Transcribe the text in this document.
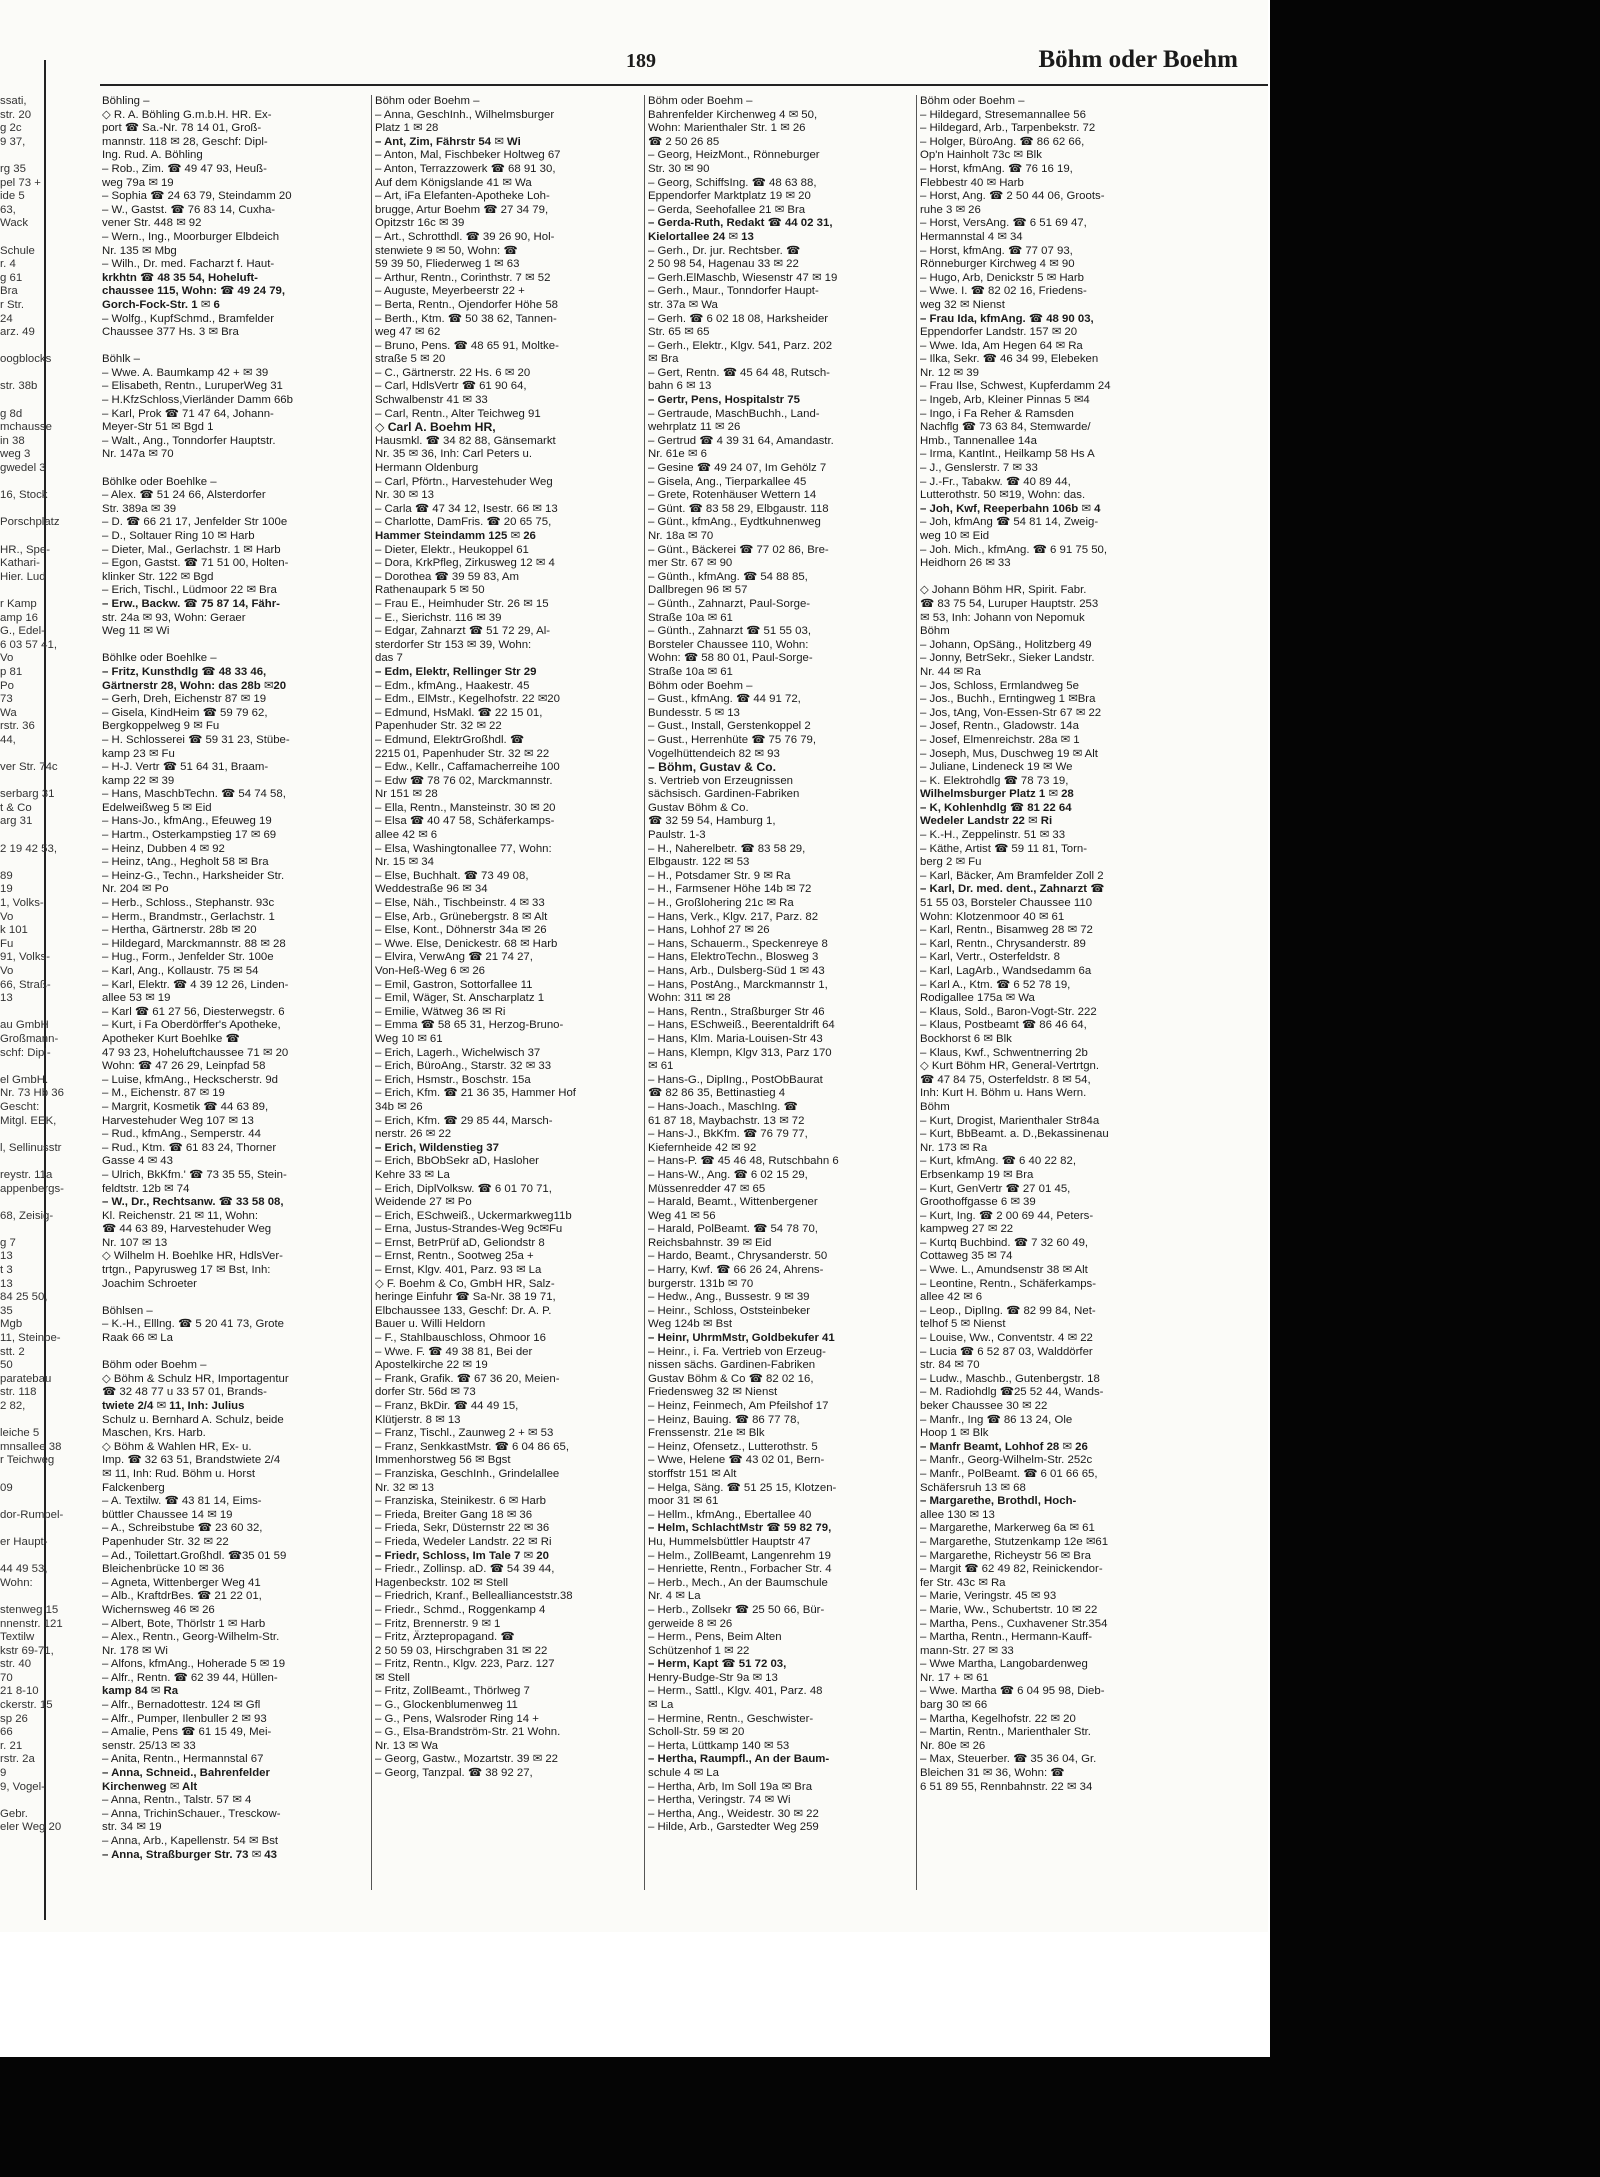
ssati,
str. 20
g 2c
9 37,
rg 35
pel 73 +
ide 5
63,
Wack
Schule
r. 4
g 61
Bra
r Str.
24
arz. 49
oogblocks
str. 38b
g 8d
mchausse
in 38
weg 3
gwedel 3
16, Stock
Porschplatz
HR., Spe-
Kathari-
Hier. Lud
r Kamp
amp 16
G., Edel-
6 03 57 41,
Vo
p 81
Po
73
Wa
rstr. 36
44,
ver Str. 74c
serbarg 31
t & Co
arg 31
2 19 42 53,
89
19
1, Volks-
Vo
k 101
Fu
91, Volks-
Vo
66, Straß-
13
au GmbH
Großmann-
schf: Dipl-
el GmbH.
Nr. 73 Hb 36
Gescht:
Mitgl. EEK,
l, Sellinusstr
reystr. 11a
appenbergs-
68, Zeisig-
g 7
13
t 3
13
84 25 50,
35
Mgb
11, Steinbe-
stt. 2
50
paratebau
str. 118
2 82,
leiche 5
mnsallee 38
r Teichweg
09
dor-Rumpel-
er Haupt-
44 49 53,
Wohn:
stenweg 15
nnenstr. 121
Textilw
kstr 69-71,
str. 40
70
21 8-10
ckerstr. 15
sp 26
66
r. 21
rstr. 2a
9
9, Vogel-
Gebr.
eler Weg 20
189	Böhm oder Boehm
Böhling –
◇ R. A. Böhling G.m.b.H. HR. Ex-
port ☎ Sa.-Nr. 78 14 01, Groß-
mannstr. 118 ✉ 28, Geschf: Dipl-
Ing. Rud. A. Böhling
– Rob., Zim. ☎ 49 47 93, Heuß-
weg 79a ✉ 19
– Sophia ☎ 24 63 79, Steindamm 20
– W., Gastst. ☎ 76 83 14, Cuxha-
vener Str. 448 ✉ 92
– Wern., Ing., Moorburger Elbdeich
Nr. 135 ✉ Mbg
– Wilh., Dr. med. Facharzt f. Haut-
krkhtn ☎ 48 35 54, Hoheluft-
chaussee 115, Wohn: ☎ 49 24 79,
Gorch-Fock-Str. 1 ✉ 6
– Wolfg., KupfSchmd., Bramfelder
Chaussee 377 Hs. 3 ✉ Bra
Böhlk –
– Wwe. A. Baumkamp 42 + ✉ 39
– Elisabeth, Rentn., LuruperWeg 31
– H.KfzSchloss,Vierländer Damm 66b
– Karl, Prok ☎ 71 47 64, Johann-
Meyer-Str 51 ✉ Bgd 1
– Walt., Ang., Tonndorfer Hauptstr.
Nr. 147a ✉ 70
Böhlke oder Boehlke –
– Alex. ☎ 51 24 66, Alsterdorfer
Str. 389a ✉ 39
– D. ☎ 66 21 17, Jenfelder Str 100e
– D., Soltauer Ring 10 ✉ Harb
– Dieter, Mal., Gerlachstr. 1 ✉ Harb
– Egon, Gastst. ☎ 71 51 00, Holten-
klinker Str. 122 ✉ Bgd
– Erich, Tischl., Lüdmoor 22 ✉ Bra
– Erw., Backw. ☎ 75 87 14, Fähr-
str. 24a ✉ 93, Wohn: Geraer
Weg 11 ✉ Wi
Böhlke oder Boehlke –
– Fritz, Kunsthdlg ☎ 48 33 46,
Gärtnerstr 28, Wohn: das 28b ✉20
– Gerh, Dreh, Eichenstr 87 ✉ 19
– Gisela, KindHeim ☎ 59 79 62,
Bergkoppelweg 9 ✉ Fu
– H. Schlosserei ☎ 59 31 23, Stübe-
kamp 23 ✉ Fu
– H-J. Vertr ☎ 51 64 31, Braam-
kamp 22 ✉ 39
– Hans, MaschbTechn. ☎ 54 74 58,
Edelweißweg 5 ✉ Eid
– Hans-Jo., kfmAng., Efeuweg 19
– Hartm., Osterkampstieg 17 ✉ 69
– Heinz, Dubben 4 ✉ 92
– Heinz, tAng., Hegholt 58 ✉ Bra
– Heinz-G., Techn., Harksheider Str.
Nr. 204 ✉ Po
– Herb., Schloss., Stephanstr. 93c
– Herm., Brandmstr., Gerlachstr. 1
– Hertha, Gärtnerstr. 28b ✉ 20
– Hildegard, Marckmannstr. 88 ✉ 28
– Hug., Form., Jenfelder Str. 100e
– Karl, Ang., Kollaustr. 75 ✉ 54
– Karl, Elektr. ☎ 4 39 12 26, Linden-
allee 53 ✉ 19
– Karl ☎ 61 27 56, Diesterwegstr. 6
– Kurt, i Fa Oberdörffer's Apotheke,
Apotheker Kurt Boehlke ☎
47 93 23, Hoheluftchaussee 71 ✉ 20
Wohn: ☎ 47 26 29, Leinpfad 58
– Luise, kfmAng., Heckscherstr. 9d
– M., Eichenstr. 87 ✉ 19
– Margrit, Kosmetik ☎ 44 63 89,
Harvestehuder Weg 107 ✉ 13
– Rud., kfmAng., Semperstr. 44
– Rud., Ktm. ☎ 61 83 24, Thorner
Gasse 4 ✉ 43
– Ulrich, BkKfm.' ☎ 73 35 55, Stein-
feldtstr. 12b ✉ 74
– W., Dr., Rechtsanw. ☎ 33 58 08,
Kl. Reichenstr. 21 ✉ 11, Wohn:
☎ 44 63 89, Harvestehuder Weg
Nr. 107 ✉ 13
◇ Wilhelm H. Boehlke HR, HdlsVer-
trtgn., Papyrusweg 17 ✉ Bst, Inh:
Joachim Schroeter
Böhlsen –
– K.-H., Elllng. ☎ 5 20 41 73, Grote
Raak 66 ✉ La
Böhm oder Boehm –
◇ Böhm & Schulz HR, Importagentur
☎ 32 48 77 u 33 57 01, Brands-
twiete 2/4 ✉ 11, Inh: Julius
Schulz u. Bernhard A. Schulz, beide
Maschen, Krs. Harb.
◇ Böhm & Wahlen HR, Ex- u.
Imp. ☎ 32 63 51, Brandstwiete 2/4
✉ 11, Inh: Rud. Böhm u. Horst
Falckenberg
– A. Textilw. ☎ 43 81 14, Eims-
büttler Chaussee 14 ✉ 19
– A., Schreibstube ☎ 23 60 32,
Papenhuder Str. 32 ✉ 22
– Ad., Toilettart.Großhdl. ☎35 01 59
Bleichenbrücke 10 ✉ 36
– Agneta, Wittenberger Weg 41
– Alb., KraftdrBes. ☎ 21 22 01,
Wichernsweg 46 ✉ 26
– Albert, Bote, Thörlstr 1 ✉ Harb
– Alex., Rentn., Georg-Wilhelm-Str.
Nr. 178 ✉ Wi
– Alfons, kfmAng., Hoherade 5 ✉ 19
– Alfr., Rentn. ☎ 62 39 44, Hüllen-
kamp 84 ✉ Ra
– Alfr., Bernadottestr. 124 ✉ Gfl
– Alfr., Pumper, Ilenbuller 2 ✉ 93
– Amalie, Pens ☎ 61 15 49, Mei-
senstr. 25/13 ✉ 33
– Anita, Rentn., Hermannstal 67
– Anna, Schneid., Bahrenfelder
Kirchenweg ✉ Alt
– Anna, Rentn., Talstr. 57 ✉ 4
– Anna, TrichinSchauer., Tresckow-
str. 34 ✉ 19
– Anna, Arb., Kapellenstr. 54 ✉ Bst
– Anna, Straßburger Str. 73 ✉ 43
Böhm oder Boehm –
– Anna, GeschInh., Wilhelmsburger
Platz 1 ✉ 28
– Ant, Zim, Fährstr 54 ✉ Wi
– Anton, Mal, Fischbeker Holtweg 67
– Anton, Terrazzowerk ☎ 68 91 30,
Auf dem Königslande 41 ✉ Wa
– Art, iFa Elefanten-Apotheke Loh-
brugge, Artur Boehm ☎ 27 34 79,
Opitzstr 16c ✉ 39
– Art., Schrotthdl. ☎ 39 26 90, Hol-
stenwiete 9 ✉ 50, Wohn: ☎
59 39 50, Fliederweg 1 ✉ 63
– Arthur, Rentn., Corinthstr. 7 ✉ 52
– Auguste, Meyerbeerstr 22 +
– Berta, Rentn., Ojendorfer Höhe 58
– Berth., Ktm. ☎ 50 38 62, Tannen-
weg 47 ✉ 62
– Bruno, Pens. ☎ 48 65 91, Moltke-
straße 5 ✉ 20
– C., Gärtnerstr. 22 Hs. 6 ✉ 20
– Carl, HdlsVertr ☎ 61 90 64,
Schwalbenstr 41 ✉ 33
– Carl, Rentn., Alter Teichweg 91
◇ Carl A. Boehm HR,
Hausmkl. ☎ 34 82 88, Gänsemarkt
Nr. 35 ✉ 36, Inh: Carl Peters u.
Hermann Oldenburg
– Carl, Pförtn., Harvestehuder Weg
Nr. 30 ✉ 13
– Carla ☎ 47 34 12, Isestr. 66 ✉ 13
– Charlotte, DamFris. ☎ 20 65 75,
Hammer Steindamm 125 ✉ 26
– Dieter, Elektr., Heukoppel 61
– Dora, KrkPfleg, Zirkusweg 12 ✉ 4
– Dorothea ☎ 39 59 83, Am
Rathenaupark 5 ✉ 50
– Frau E., Heimhuder Str. 26 ✉ 15
– E., Sierichstr. 116 ✉ 39
– Edgar, Zahnarzt ☎ 51 72 29, Al-
sterdorfer Str 153 ✉ 39, Wohn:
das 7
– Edm, Elektr, Rellinger Str 29
– Edm., kfmAng., Haakestr. 45
– Edm., ElMstr., Kegelhofstr. 22 ✉20
– Edmund, HsMakl. ☎ 22 15 01,
Papenhuder Str. 32 ✉ 22
– Edmund, ElektrGroßhdl. ☎
2215 01, Papenhuder Str. 32 ✉ 22
– Edw., Kellr., Caffamacherreihe 100
– Edw ☎ 78 76 02, Marckmannstr.
Nr 151 ✉ 28
– Ella, Rentn., Mansteinstr. 30 ✉ 20
– Elsa ☎ 40 47 58, Schäferkamps-
allee 42 ✉ 6
– Elsa, Washingtonallee 77, Wohn:
Nr. 15 ✉ 34
– Else, Buchhalt. ☎ 73 49 08,
Weddestraße 96 ✉ 34
– Else, Näh., Tischbeinstr. 4 ✉ 33
– Else, Arb., Grünebergstr. 8 ✉ Alt
– Else, Kont., Döhnerstr 34a ✉ 26
– Wwe. Else, Denickestr. 68 ✉ Harb
– Elvira, VerwAng ☎ 21 74 27,
Von-Heß-Weg 6 ✉ 26
– Emil, Gastron, Sottorfallee 11
– Emil, Wäger, St. Anscharplatz 1
– Emilie, Wätweg 36 ✉ Ri
– Emma ☎ 58 65 31, Herzog-Bruno-
Weg 10 ✉ 61
– Erich, Lagerh., Wichelwisch 37
– Erich, BüroAng., Starstr. 32 ✉ 33
– Erich, Hsmstr., Boschstr. 15a
– Erich, Kfm. ☎ 21 36 35, Hammer Hof
34b ✉ 26
– Erich, Kfm. ☎ 29 85 44, Marsch-
nerstr. 26 ✉ 22
– Erich, Wildenstieg 37
– Erich, BbObSekr aD, Hasloher
Kehre 33 ✉ La
– Erich, DiplVolksw. ☎ 6 01 70 71,
Weidende 27 ✉ Po
– Erich, ESchweiß., Uckermarkweg11b
– Erna, Justus-Strandes-Weg 9c✉Fu
– Ernst, BetrPrüf aD, Geliondstr 8
– Ernst, Rentn., Sootweg 25a +
– Ernst, Klgv. 401, Parz. 93 ✉ La
◇ F. Boehm & Co, GmbH HR, Salz-
heringe Einfuhr ☎ Sa-Nr. 38 19 71,
Elbchaussee 133, Geschf: Dr. A. P.
Bauer u. Willi Heldorn
– F., Stahlbauschloss, Ohmoor 16
– Wwe. F. ☎ 49 38 81, Bei der
Apostelkirche 22 ✉ 19
– Frank, Grafik. ☎ 67 36 20, Meien-
dorfer Str. 56d ✉ 73
– Franz, BkDir. ☎ 44 49 15,
Klütjerstr. 8 ✉ 13
– Franz, Tischl., Zaunweg 2 + ✉ 53
– Franz, SenkkastMstr. ☎ 6 04 86 65,
Immenhorstweg 56 ✉ Bgst
– Franziska, GeschInh., Grindelallee
Nr. 32 ✉ 13
– Franziska, Steinikestr. 6 ✉ Harb
– Frieda, Breiter Gang 18 ✉ 36
– Frieda, Sekr, Düsternstr 22 ✉ 36
– Frieda, Wedeler Landstr. 22 ✉ Ri
– Friedr, Schloss, Im Tale 7 ✉ 20
– Friedr., Zollinsp. aD. ☎ 54 39 44,
Hagenbeckstr. 102 ✉ Stell
– Friedrich, Kranf., Belleallianceststr.38
– Friedr., Schmd., Roggenkamp 4
– Fritz, Brennerstr. 9 ✉ 1
– Fritz, Ärztepropagand. ☎
2 50 59 03, Hirschgraben 31 ✉ 22
– Fritz, Rentn., Klgv. 223, Parz. 127
✉ Stell
– Fritz, ZollBeamt., Thörlweg 7
– G., Glockenblumenweg 11
– G., Pens, Walsroder Ring 14 +
– G., Elsa-Brandström-Str. 21 Wohn.
Nr. 13 ✉ Wa
– Georg, Gastw., Mozartstr. 39 ✉ 22
– Georg, Tanzpal. ☎ 38 92 27,
Böhm oder Boehm –
Bahrenfelder Kirchenweg 4 ✉ 50,
Wohn: Marienthaler Str. 1 ✉ 26
☎ 2 50 26 85
– Georg, HeizMont., Rönneburger
Str. 30 ✉ 90
– Georg, SchiffsIng. ☎ 48 63 88,
Eppendorfer Marktplatz 19 ✉ 20
– Gerda, Seehofallee 21 ✉ Bra
– Gerda-Ruth, Redakt ☎ 44 02 31,
Kielortallee 24 ✉ 13
– Gerh., Dr. jur. Rechtsber. ☎
2 50 98 54, Hagenau 33 ✉ 22
– Gerh.ElMaschb, Wiesenstr 47 ✉ 19
– Gerh., Maur., Tonndorfer Haupt-
str. 37a ✉ Wa
– Gerh. ☎ 6 02 18 08, Harksheider
Str. 65 ✉ 65
– Gerh., Elektr., Klgv. 541, Parz. 202
✉ Bra
– Gert, Rentn. ☎ 45 64 48, Rutsch-
bahn 6 ✉ 13
– Gertr, Pens, Hospitalstr 75
– Gertraude, MaschBuchh., Land-
wehrplatz 11 ✉ 26
– Gertrud ☎ 4 39 31 64, Amandastr.
Nr. 61e ✉ 6
– Gesine ☎ 49 24 07, Im Gehölz 7
– Gisela, Ang., Tierparkallee 45
– Grete, Rotenhäuser Wettern 14
– Günt. ☎ 83 58 29, Elbgaustr. 118
– Günt., kfmAng., Eydtkuhnenweg
Nr. 18a ✉ 70
– Günt., Bäckerei ☎ 77 02 86, Bre-
mer Str. 67 ✉ 90
– Günth., kfmAng. ☎ 54 88 85,
Dallbregen 96 ✉ 57
– Günth., Zahnarzt, Paul-Sorge-
Straße 10a ✉ 61
– Günth., Zahnarzt ☎ 51 55 03,
Borsteler Chaussee 110, Wohn:
Wohn: ☎ 58 80 01, Paul-Sorge-
Straße 10a ✉ 61
Böhm oder Boehm –
– Gust., kfmAng. ☎ 44 91 72,
Bundesstr. 5 ✉ 13
– Gust., Install, Gerstenkoppel 2
– Gust., Herrenhüte ☎ 75 76 79,
Vogelhüttendeich 82 ✉ 93
– Böhm, Gustav & Co.
s. Vertrieb von Erzeugnissen
sächsisch. Gardinen-Fabriken
Gustav Böhm & Co.
☎ 32 59 54, Hamburg 1,
Paulstr. 1-3
– H., Naherelbetr. ☎ 83 58 29,
Elbgaustr. 122 ✉ 53
– H., Potsdamer Str. 9 ✉ Ra
– H., Farmsener Höhe 14b ✉ 72
– H., Großlohering 21c ✉ Ra
– Hans, Verk., Klgv. 217, Parz. 82
– Hans, Lohhof 27 ✉ 26
– Hans, Schauerm., Speckenreye 8
– Hans, ElektroTechn., Blosweg 3
– Hans, Arb., Dulsberg-Süd 1 ✉ 43
– Hans, PostAng., Marckmannstr 1,
Wohn: 311 ✉ 28
– Hans, Rentn., Straßburger Str 46
– Hans, ESchweiß., Beerentaldrift 64
– Hans, Klm. Maria-Louisen-Str 43
– Hans, Klempn, Klgv 313, Parz 170
✉ 61
– Hans-G., DiplIng., PostObBaurat
☎ 82 86 35, Bettinastieg 4
– Hans-Joach., MaschIng. ☎
61 87 18, Maybachstr. 13 ✉ 72
– Hans-J., BkKfm. ☎ 76 79 77,
Kiefernheide 42 ✉ 92
– Hans-P. ☎ 45 46 48, Rutschbahn 6
– Hans-W., Ang. ☎ 6 02 15 29,
Müssenredder 47 ✉ 65
– Harald, Beamt., Wittenbergener
Weg 41 ✉ 56
– Harald, PolBeamt. ☎ 54 78 70,
Reichsbahnstr. 39 ✉ Eid
– Hardo, Beamt., Chrysanderstr. 50
– Harry, Kwf. ☎ 66 26 24, Ahrens-
burgerstr. 131b ✉ 70
– Hedw., Ang., Bussestr. 9 ✉ 39
– Heinr., Schloss, Oststeinbeker
Weg 124b ✉ Bst
– Heinr, UhrmMstr, Goldbekufer 41
– Heinr., i. Fa. Vertrieb von Erzeug-
nissen sächs. Gardinen-Fabriken
Gustav Böhm & Co ☎ 82 02 16,
Friedensweg 32 ✉ Nienst
– Heinz, Feinmech, Am Pfeilshof 17
– Heinz, Bauing. ☎ 86 77 78,
Frenssenstr. 21e ✉ Blk
– Heinz, Ofensetz., Lutterothstr. 5
– Wwe, Helene ☎ 43 02 01, Bern-
storffstr 151 ✉ Alt
– Helga, Säng. ☎ 51 25 15, Klotzen-
moor 31 ✉ 61
– Hellm., kfmAng., Ebertallee 40
– Helm, SchlachtMstr ☎ 59 82 79,
Hu, Hummelsbüttler Hauptstr 47
– Helm., ZollBeamt, Langenrehm 19
– Henriette, Rentn., Forbacher Str. 4
– Herb., Mech., An der Baumschule
Nr. 4 ✉ La
– Herb., Zollsekr ☎ 25 50 66, Bür-
gerweide 8 ✉ 26
– Herm., Pens, Beim Alten
Schützenhof 1 ✉ 22
– Herm, Kapt ☎ 51 72 03,
Henry-Budge-Str 9a ✉ 13
– Herm., Sattl., Klgv. 401, Parz. 48
✉ La
– Hermine, Rentn., Geschwister-
Scholl-Str. 59 ✉ 20
– Herta, Lüttkamp 140 ✉ 53
– Hertha, Raumpfl., An der Baum-
schule 4 ✉ La
– Hertha, Arb, Im Soll 19a ✉ Bra
– Hertha, Veringstr. 74 ✉ Wi
– Hertha, Ang., Weidestr. 30 ✉ 22
– Hilde, Arb., Garstedter Weg 259
Böhm oder Boehm –
– Hildegard, Stresemannallee 56
– Hildegard, Arb., Tarpenbekstr. 72
– Holger, BüroAng. ☎ 86 62 66,
Op'n Hainholt 73c ✉ Blk
– Horst, kfmAng. ☎ 76 16 19,
Flebbestr 40 ✉ Harb
– Horst, Ang. ☎ 2 50 44 06, Groots-
ruhe 3 ✉ 26
– Horst, VersAng. ☎ 6 51 69 47,
Hermannstal 4 ✉ 34
– Horst, kfmAng. ☎ 77 07 93,
Rönneburger Kirchweg 4 ✉ 90
– Hugo, Arb, Denickstr 5 ✉ Harb
– Wwe. I. ☎ 82 02 16, Friedens-
weg 32 ✉ Nienst
– Frau Ida, kfmAng. ☎ 48 90 03,
Eppendorfer Landstr. 157 ✉ 20
– Wwe. Ida, Am Hegen 64 ✉ Ra
– Ilka, Sekr. ☎ 46 34 99, Elebeken
Nr. 12 ✉ 39
– Frau Ilse, Schwest, Kupferdamm 24
– Ingeb, Arb, Kleiner Pinnas 5 ✉4
– Ingo, i Fa Reher & Ramsden
Nachflg ☎ 73 63 84, Stemwarde/
Hmb., Tannenallee 14a
– Irma, KantInt., Heilkamp 58 Hs A
– J., Genslerstr. 7 ✉ 33
– J.-Fr., Tabakw. ☎ 40 89 44,
Lutterothstr. 50 ✉19, Wohn: das.
– Joh, Kwf, Reeperbahn 106b ✉ 4
– Joh, kfmAng ☎ 54 81 14, Zweig-
weg 10 ✉ Eid
– Joh. Mich., kfmAng. ☎ 6 91 75 50,
Heidhorn 26 ✉ 33
◇ Johann Böhm HR, Spirit. Fabr.
☎ 83 75 54, Luruper Hauptstr. 253
✉ 53, Inh: Johann von Nepomuk
Böhm
– Johann, OpSäng., Holitzberg 49
– Jonny, BetrSekr., Sieker Landstr.
Nr. 44 ✉ Ra
– Jos, Schloss, Ermlandweg 5e
– Jos., Buchh., Erntingweg 1 ✉Bra
– Jos, tAng, Von-Essen-Str 67 ✉ 22
– Josef, Rentn., Gladowstr. 14a
– Josef, Elmenreichstr. 28a ✉ 1
– Joseph, Mus, Duschweg 19 ✉ Alt
– Juliane, Lindeneck 19 ✉ We
– K. Elektrohdlg ☎ 78 73 19,
Wilhelmsburger Platz 1 ✉ 28
– K, Kohlenhdlg ☎ 81 22 64
Wedeler Landstr 22 ✉ Ri
– K.-H., Zeppelinstr. 51 ✉ 33
– Käthe, Artist ☎ 59 11 81, Torn-
berg 2 ✉ Fu
– Karl, Bäcker, Am Bramfelder Zoll 2
– Karl, Dr. med. dent., Zahnarzt ☎
51 55 03, Borsteler Chaussee 110
Wohn: Klotzenmoor 40 ✉ 61
– Karl, Rentn., Bisamweg 28 ✉ 72
– Karl, Rentn., Chrysanderstr. 89
– Karl, Vertr., Osterfeldstr. 8
– Karl, LagArb., Wandsedamm 6a
– Karl A., Ktm. ☎ 6 52 78 19,
Rodigallee 175a ✉ Wa
– Klaus, Sold., Baron-Vogt-Str. 222
– Klaus, Postbeamt ☎ 86 46 64,
Bockhorst 6 ✉ Blk
– Klaus, Kwf., Schwentnerring 2b
◇ Kurt Böhm HR, General-Vertrtgn.
☎ 47 84 75, Osterfeldstr. 8 ✉ 54,
Inh: Kurt H. Böhm u. Hans Wern.
Böhm
– Kurt, Drogist, Marienthaler Str84a
– Kurt, BbBeamt. a. D.,Bekassinenau
Nr. 173 ✉ Ra
– Kurt, kfmAng. ☎ 6 40 22 82,
Erbsenkamp 19 ✉ Bra
– Kurt, GenVertr ☎ 27 01 45,
Groothoffgasse 6 ✉ 39
– Kurt, Ing. ☎ 2 00 69 44, Peters-
kampweg 27 ✉ 22
– Kurtq Buchbind. ☎ 7 32 60 49,
Cottaweg 35 ✉ 74
– Wwe. L., Amundsenstr 38 ✉ Alt
– Leontine, Rentn., Schäferkamps-
allee 42 ✉ 6
– Leop., DiplIng. ☎ 82 99 84, Net-
telhof 5 ✉ Nienst
– Louise, Ww., Conventstr. 4 ✉ 22
– Lucia ☎ 6 52 87 03, Walddörfer
str. 84 ✉ 70
– Ludw., Maschb., Gutenbergstr. 18
– M. Radiohdlg ☎25 52 44, Wands-
beker Chaussee 30 ✉ 22
– Manfr., Ing ☎ 86 13 24, Ole
Hoop 1 ✉ Blk
– Manfr Beamt, Lohhof 28 ✉ 26
– Manfr., Georg-Wilhelm-Str. 252c
– Manfr., PolBeamt. ☎ 6 01 66 65,
Schäfersruh 13 ✉ 68
– Margarethe, Brothdl, Hoch-
allee 130 ✉ 13
– Margarethe, Markerweg 6a ✉ 61
– Margarethe, Stutzenkamp 12e ✉61
– Margarethe, Richeystr 56 ✉ Bra
– Margit ☎ 62 49 82, Reinickendor-
fer Str. 43c ✉ Ra
– Marie, Veringstr. 45 ✉ 93
– Marie, Ww., Schubertstr. 10 ✉ 22
– Martha, Pens., Cuxhavener Str.354
– Martha, Rentn., Hermann-Kauff-
mann-Str. 27 ✉ 33
– Wwe Martha, Langobardenweg
Nr. 17 + ✉ 61
– Wwe. Martha ☎ 6 04 95 98, Dieb-
barg 30 ✉ 66
– Martha, Kegelhofstr. 22 ✉ 20
– Martin, Rentn., Marienthaler Str.
Nr. 80e ✉ 26
– Max, Steuerber. ☎ 35 36 04, Gr.
Bleichen 31 ✉ 36, Wohn: ☎
6 51 89 55, Rennbahnstr. 22 ✉ 34
